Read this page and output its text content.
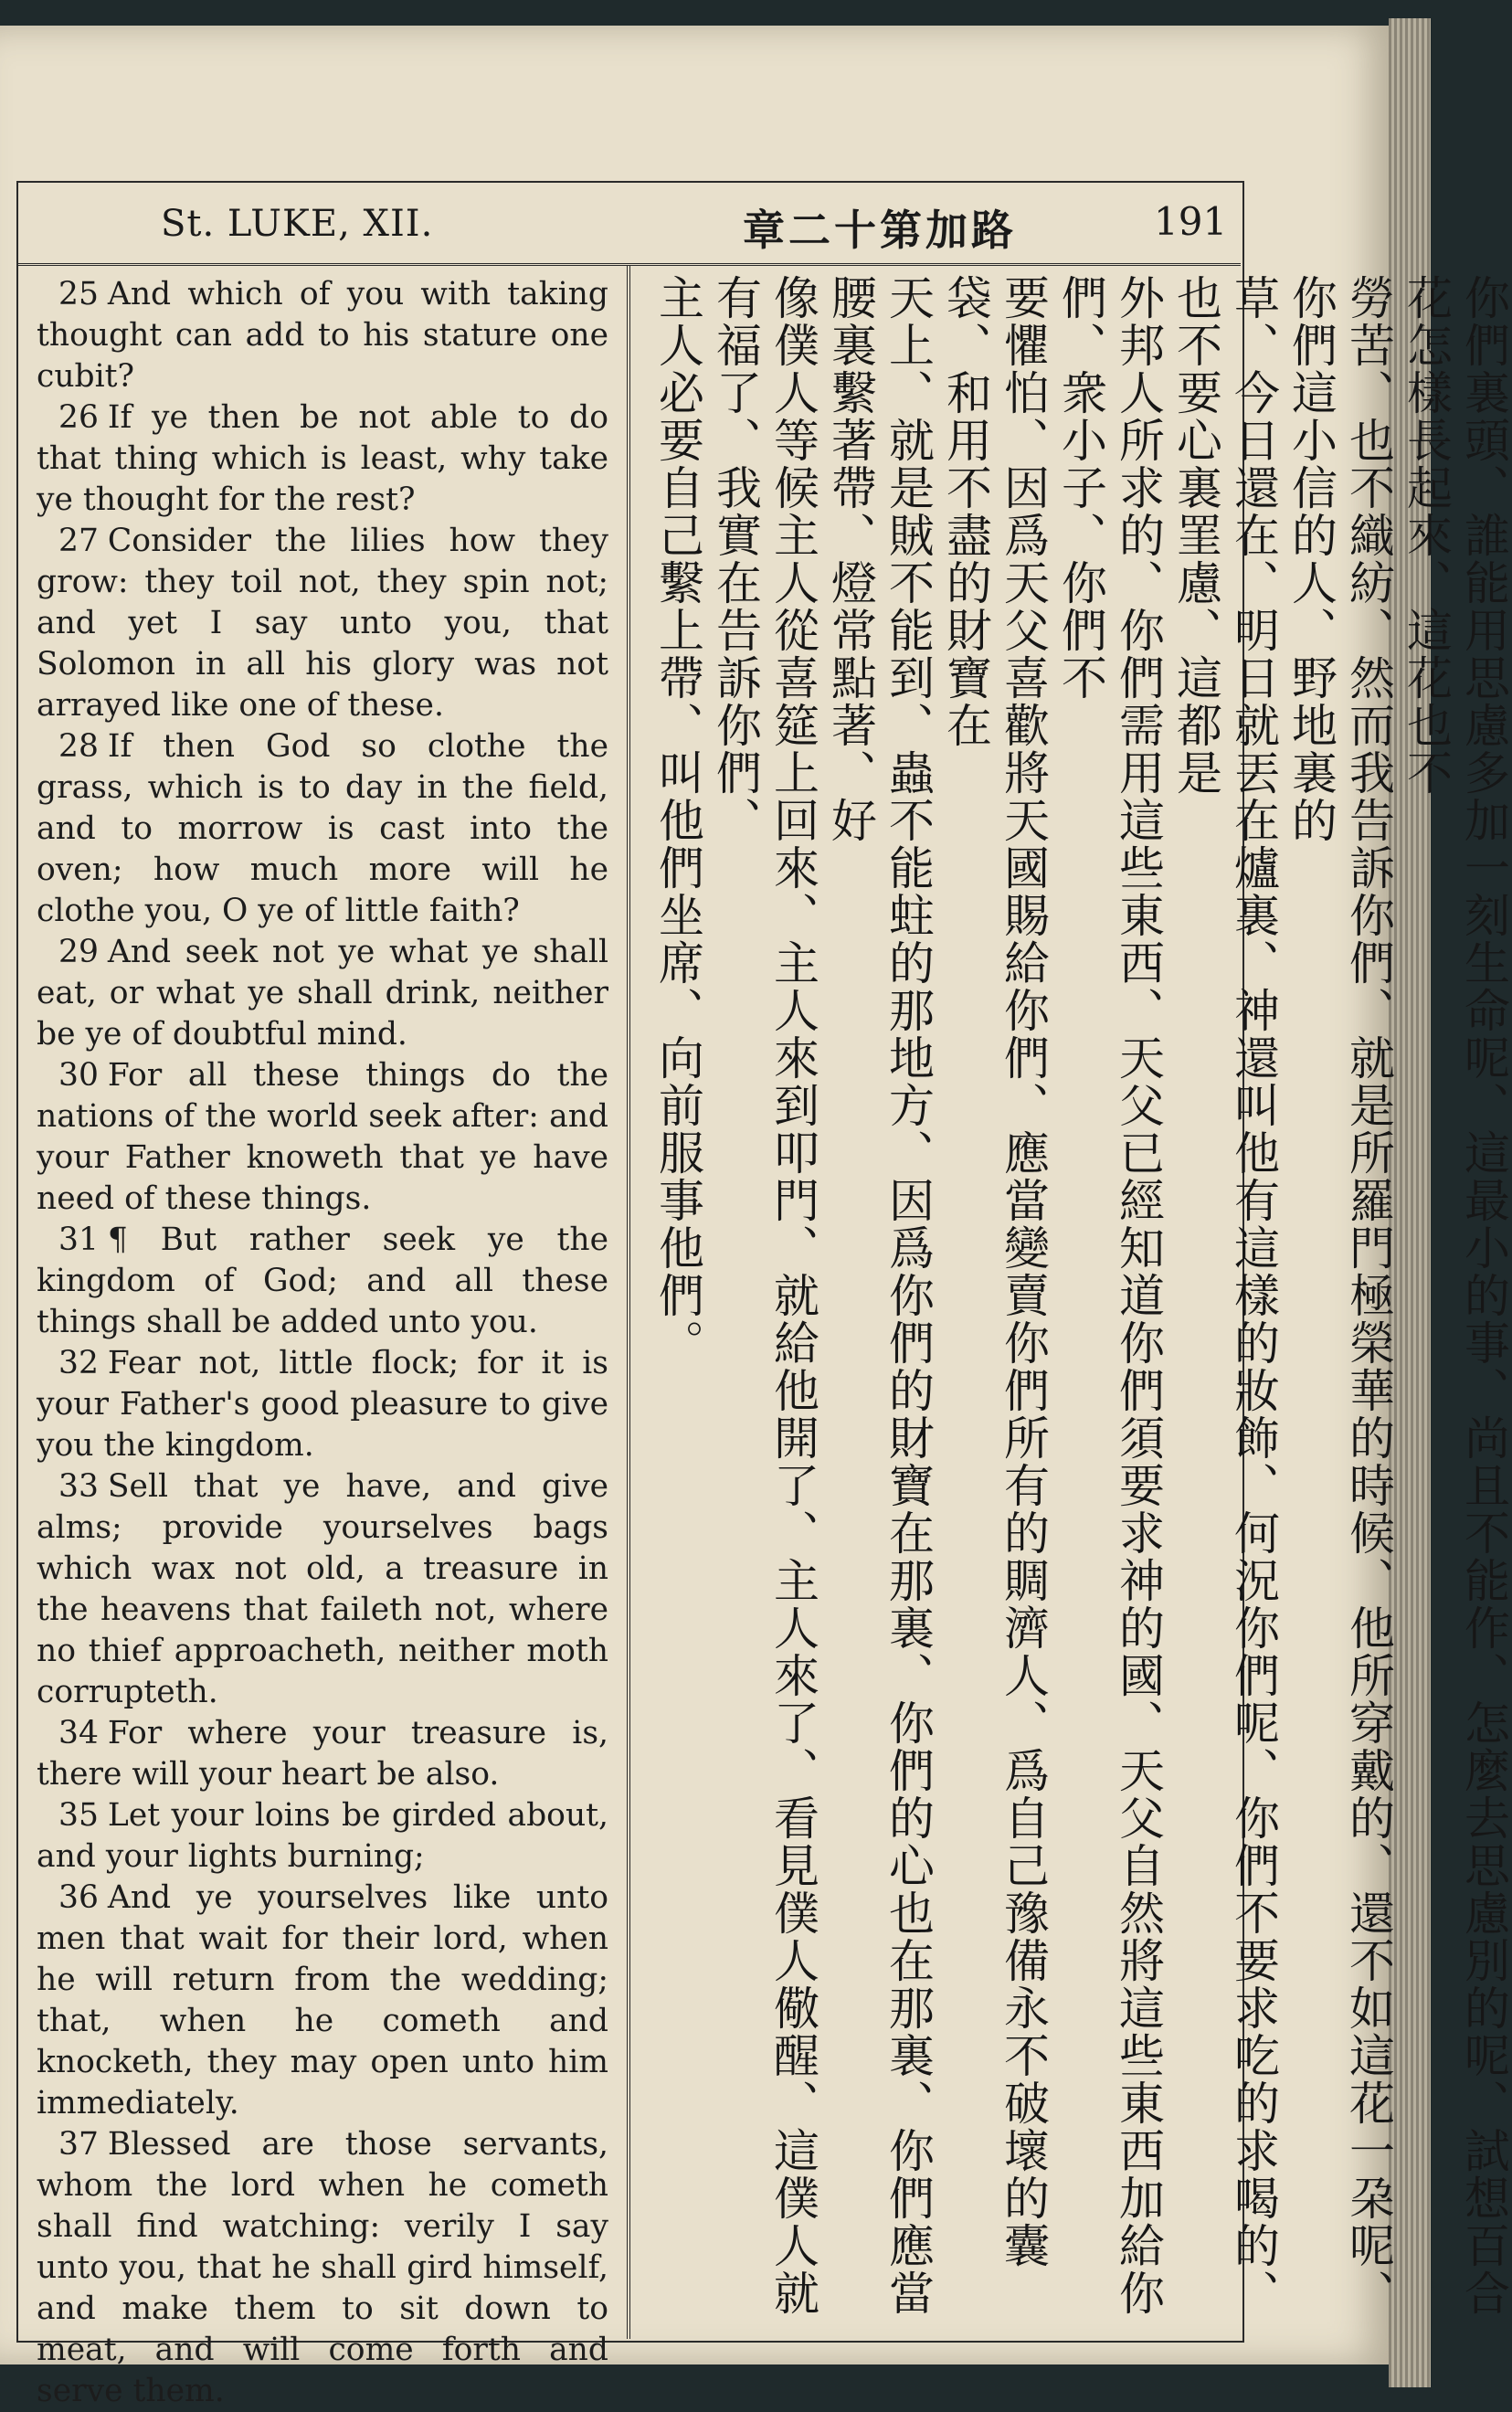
St. LUKE, XII.	章二十第加路	191

25 And which of you with taking thought can add to his stature one cubit?

26 If ye then be not able to do that thing which is least, why take ye thought for the rest?

27 Consider the lilies how they grow: they toil not, they spin not; and yet I say unto you, that Solomon in all his glory was not arrayed like one of these.

28 If then God so clothe the grass, which is to day in the field, and to morrow is cast into the oven; how much more will he clothe you, O ye of little faith?

29 And seek not ye what ye shall eat, or what ye shall drink, neither be ye of doubtful mind.

30 For all these things do the nations of the world seek after: and your Father knoweth that ye have need of these things.

31 ¶ But rather seek ye the kingdom of God; and all these things shall be added unto you.

32 Fear not, little flock; for it is your Father's good pleasure to give you the kingdom.

33 Sell that ye have, and give alms; provide yourselves bags which wax not old, a treasure in the heavens that faileth not, where no thief approacheth, neither moth corrupteth.

34 For where your treasure is, there will your heart be also.

35 Let your loins be girded about, and your lights burning;

36 And ye yourselves like unto men that wait for their lord, when he will return from the wedding; that, when he cometh and knocketh, they may open unto him immediately.

37 Blessed are those servants, whom the lord when he cometh shall find watching: verily I say unto you, that he shall gird himself, and make them to sit down to meat, and will come forth and serve them.

你們裏頭、誰能用思慮多加一刻生命呢、這最小的事、尚且不能作、怎麼去思慮別的呢、試想百合花怎樣長起來、這花也不
勞苦、也不織紡、然而我告訴你們、就是所羅門極榮華的時候、他所穿戴的、還不如這花一朶呢、你們這小信的人、野地裏的
草、今日還在、明日就丟在爐裏、神還叫他有這樣的妝飾、何況你們呢、你們不要求吃的求喝的、也不要心裏罣慮、這都是
外邦人所求的、你們需用這些東西、天父已經知道你們須要求神的國、天父自然將這些東西加給你們、衆小子、你們不
要懼怕、因爲天父喜歡將天國賜給你們、應當變賣你們所有的賙濟人、爲自己豫備永不破壞的囊袋、和用不盡的財寶在
天上、就是賊不能到、蟲不能蛀的那地方、因爲你們的財寶在那裏、你們的心也在那裏、你們應當腰裏繫著帶、燈常點著、好
像僕人等候主人從喜筵上回來、主人來到叩門、就給他開了、主人來了、看見僕人儆醒、這僕人就有福了、我實在告訴你們、
主人必要自己繫上帶、叫他們坐席、向前服事他們。
